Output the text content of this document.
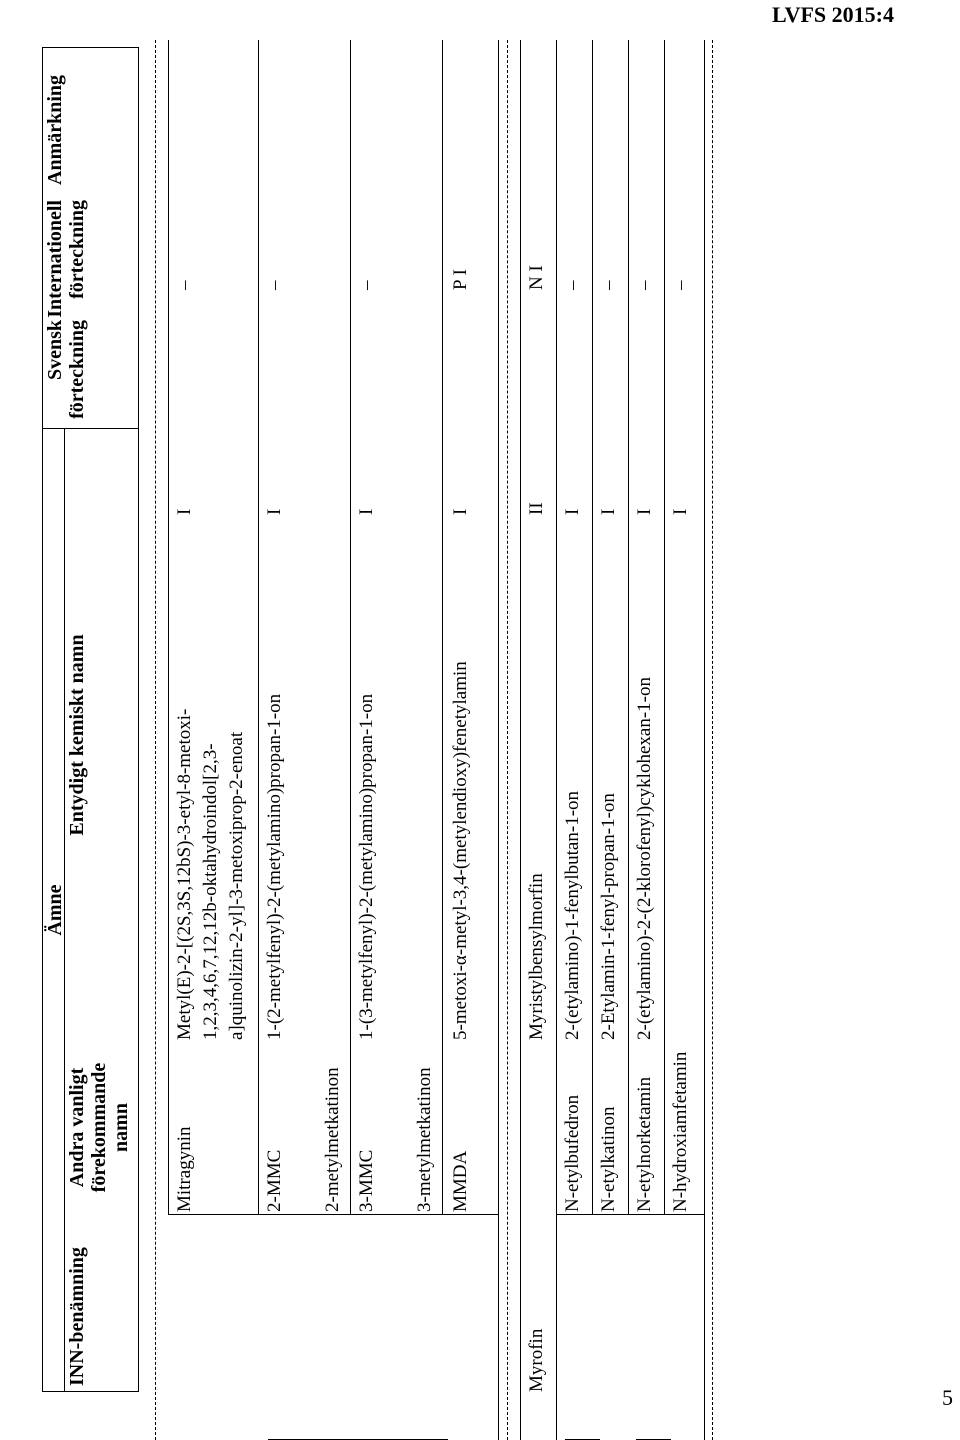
LVFS 2015:4
5
Ämne
INN-benämning
Andra vanligt förekommande namn
Entydigt kemiskt namn
Svensk förteckning
Internationell förteckning
Anmärkning
Mitragynin
Metyl(E)-2-[(2S,3S,12bS)-3-etyl-8-metoxi- 1,2,3,4,6,7,12,12b-oktahydroindol[2,3- a]quinolizin-2-yl]-3-metoxiprop-2-enoat
I
–
2-MMC 2-metylmetkatinon
1-(2-metylfenyl)-2-(metylamino)propan-1-on
I
–
3-MMC 3-metylmetkatinon
1-(3-metylfenyl)-2-(metylamino)propan-1-on
I
–
MMDA
5-metoxi-α-metyl-3,4-(metylendioxy)fenetylamin
I
P I
Myrofin
Myristylbensylmorfin
II
N I
N-etylbufedron
2-(etylamino)-1-fenylbutan-1-on
I
–
N-etylkatinon
2-Etylamin-1-fenyl-propan-1-on
I
–
N-etylnorketamin
2-(etylamino)-2-(2-klorofenyl)cyklohexan-1-on
I
–
N-hydroxiamfetamin
I
–
